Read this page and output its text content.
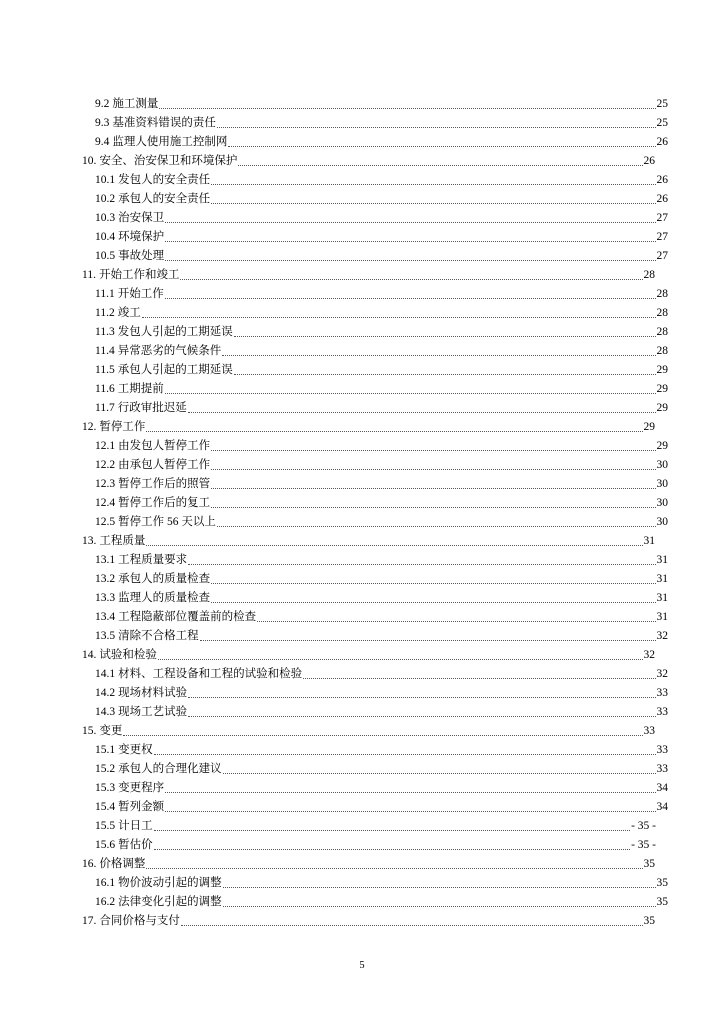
9.2 施工测量	25
9.3 基准资料错误的责任	25
9.4 监理人使用施工控制网	26
10. 安全、治安保卫和环境保护	26
10.1 发包人的安全责任	26
10.2 承包人的安全责任	26
10.3 治安保卫	27
10.4 环境保护	27
10.5 事故处理	27
11. 开始工作和竣工	28
11.1 开始工作	28
11.2 竣工	28
11.3 发包人引起的工期延误	28
11.4 异常恶劣的气候条件	28
11.5 承包人引起的工期延误	29
11.6 工期提前	29
11.7 行政审批迟延	29
12. 暂停工作	29
12.1 由发包人暂停工作	29
12.2 由承包人暂停工作	30
12.3 暂停工作后的照管	30
12.4 暂停工作后的复工	30
12.5 暂停工作 56 天以上	30
13. 工程质量	31
13.1 工程质量要求	31
13.2 承包人的质量检查	31
13.3 监理人的质量检查	31
13.4 工程隐蔽部位覆盖前的检查	31
13.5 清除不合格工程	32
14. 试验和检验	32
14.1 材料、工程设备和工程的试验和检验	32
14.2 现场材料试验	33
14.3 现场工艺试验	33
15. 变更	33
15.1 变更权	33
15.2 承包人的合理化建议	33
15.3 变更程序	34
15.4 暂列金额	34
15.5 计日工	- 35 -
15.6 暂估价	- 35 -
16. 价格调整	35
16.1 物价波动引起的调整	35
16.2 法律变化引起的调整	35
17. 合同价格与支付	35
5
